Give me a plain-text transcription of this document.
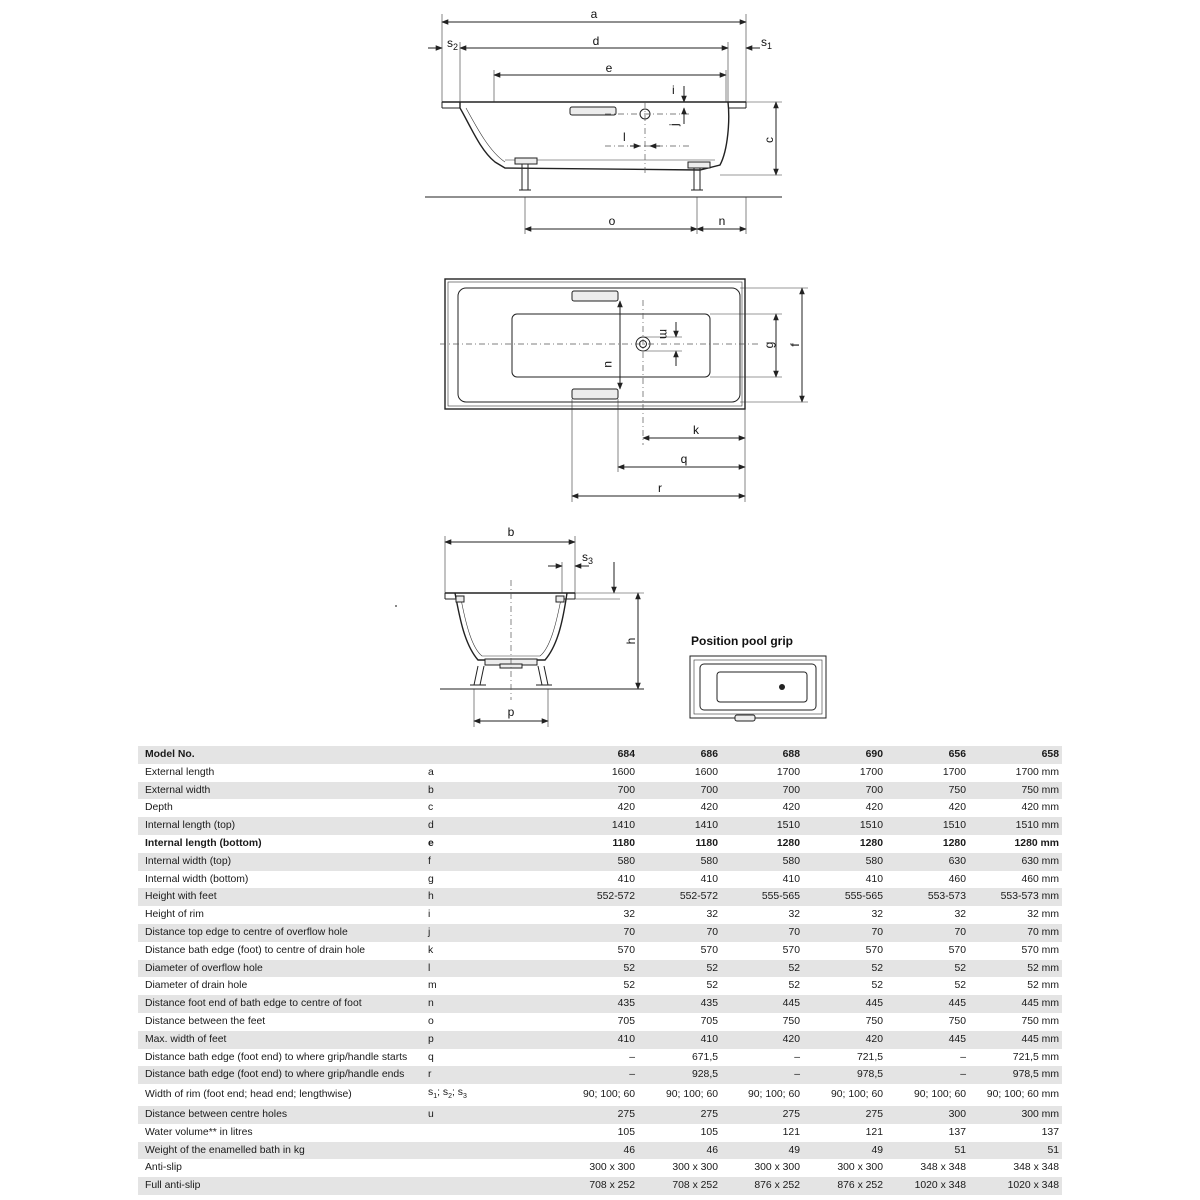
a
d
$s_2$	$s_1$
e
c
i
j
l
o	n
m
u
g f
k
q
r
b
$s_3$
h
p
Position pool grip
Model No.		684	686	688	690	656	658
External length	a	1600	1600	1700	1700	1700	1700 mm
External width	b	700	700	700	700	750	750 mm
Depth	c	420	420	420	420	420	420 mm
Internal length (top)	d	1410	1410	1510	1510	1510	1510 mm
Internal length (bottom)	e	1180	1180	1280	1280	1280	1280 mm
Internal width (top)	f	580	580	580	580	630	630 mm
Internal width (bottom)	g	410	410	410	410	460	460 mm
Height with feet	h	552-572	552-572	555-565	555-565	553-573	553-573 mm
Height of rim	i	32	32	32	32	32	32 mm
Distance top edge to centre of overflow hole	j	70	70	70	70	70	70 mm
Distance bath edge (foot) to centre of drain hole	k	570	570	570	570	570	570 mm
Diameter of overflow hole	l	52	52	52	52	52	52 mm
Diameter of drain hole	m	52	52	52	52	52	52 mm
Distance foot end of bath edge to centre of foot	n	435	435	445	445	445	445 mm
Distance between the feet	o	705	705	750	750	750	750 mm
Max. width of feet	p	410	410	420	420	445	445 mm
Distance bath edge (foot end) to where grip/handle starts	q	–	671,5	–	721,5	–	721,5 mm
Distance bath edge (foot end) to where grip/handle ends	r	–	928,5	–	978,5	–	978,5 mm
Width of rim (foot end; head end; lengthwise)	$s_1$; $s_2$; $s_3$	90; 100; 60	90; 100; 60	90; 100; 60	90; 100; 60	90; 100; 60	90; 100; 60 mm
Distance between centre holes	u	275	275	275	275	300	300 mm
Water volume** in litres		105	105	121	121	137	137
Weight of the enamelled bath in kg		46	46	49	49	51	51
Anti-slip		300 x 300	300 x 300	300 x 300	300 x 300	348 x 348	348 x 348
Full anti-slip		708 x 252	708 x 252	876 x 252	876 x 252	1020 x 348	1020 x 348
